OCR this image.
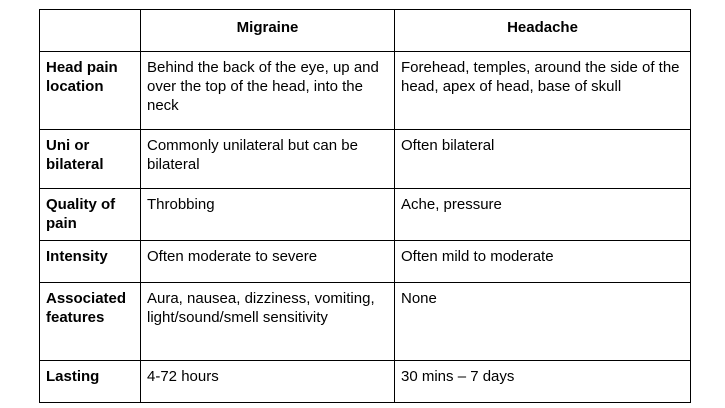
	Migraine	Headache
Head pain location	Behind the back of the eye, up and over the top of the head, into the neck	Forehead, temples, around the side of the head, apex of head, base of skull
Uni or bilateral	Commonly unilateral but can be bilateral	Often bilateral
Quality of pain	Throbbing	Ache, pressure
Intensity	Often moderate to severe	Often mild to moderate
Associated features	Aura, nausea, dizziness, vomiting, light/sound/smell sensitivity	None
Lasting	4-72 hours	30 mins – 7 days
